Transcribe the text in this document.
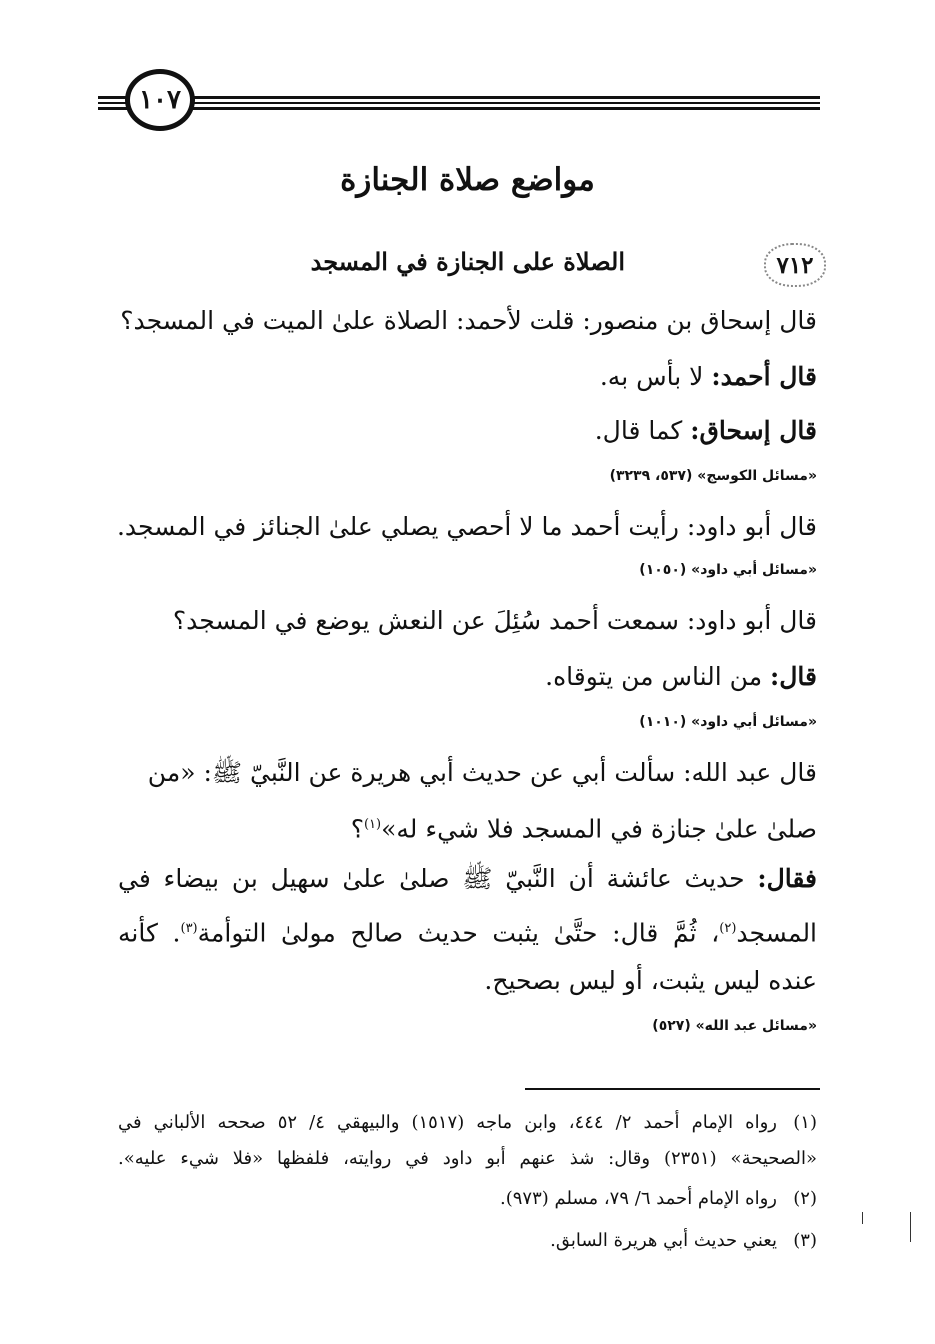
١٠٧
مواضع صلاة الجنازة
٧١٢
الصلاة على الجنازة في المسجد
قال إسحاق بن منصور: قلت لأحمد: الصلاة علىٰ الميت في المسجد؟
قال أحمد: لا بأس به.
قال إسحاق: كما قال.
«مسائل الكوسج» (٥٣٧، ٣٢٣٩)
قال أبو داود: رأيت أحمد ما لا أحصي يصلي علىٰ الجنائز في المسجد.
«مسائل أبي داود» (١٠٥٠)
قال أبو داود: سمعت أحمد سُئِلَ عن النعش يوضع في المسجد؟
قال: من الناس من يتوقاه.
«مسائل أبي داود» (١٠١٠)
قال عبد الله: سألت أبي عن حديث أبي هريرة عن النَّبيّ ﷺ: «من
صلىٰ علىٰ جنازة في المسجد فلا شيء له»$^{(١)}$؟
فقال: حديث عائشة أن النَّبيّ ﷺ صلىٰ علىٰ سهيل بن بيضاء في
المسجد$^{(٢)}$، ثُمَّ قال: حتَّىٰ يثبت حديث صالح مولىٰ التوأمة$^{(٣)}$. كأنه
عنده ليس يثبت، أو ليس بصحيح.
«مسائل عبد الله» (٥٢٧)
(١)رواه الإمام أحمد ٢/ ٤٤٤، وابن ماجه (١٥١٧) والبيهقي ٤/ ٥٢ صححه الألباني في
«الصحيحة» (٢٣٥١) وقال: شذ عنهم أبو داود في روايته، فلفظها «فلا شيء عليه».
(٢)رواه الإمام أحمد ٦/ ٧٩، مسلم (٩٧٣).
(٣)يعني حديث أبي هريرة السابق.
